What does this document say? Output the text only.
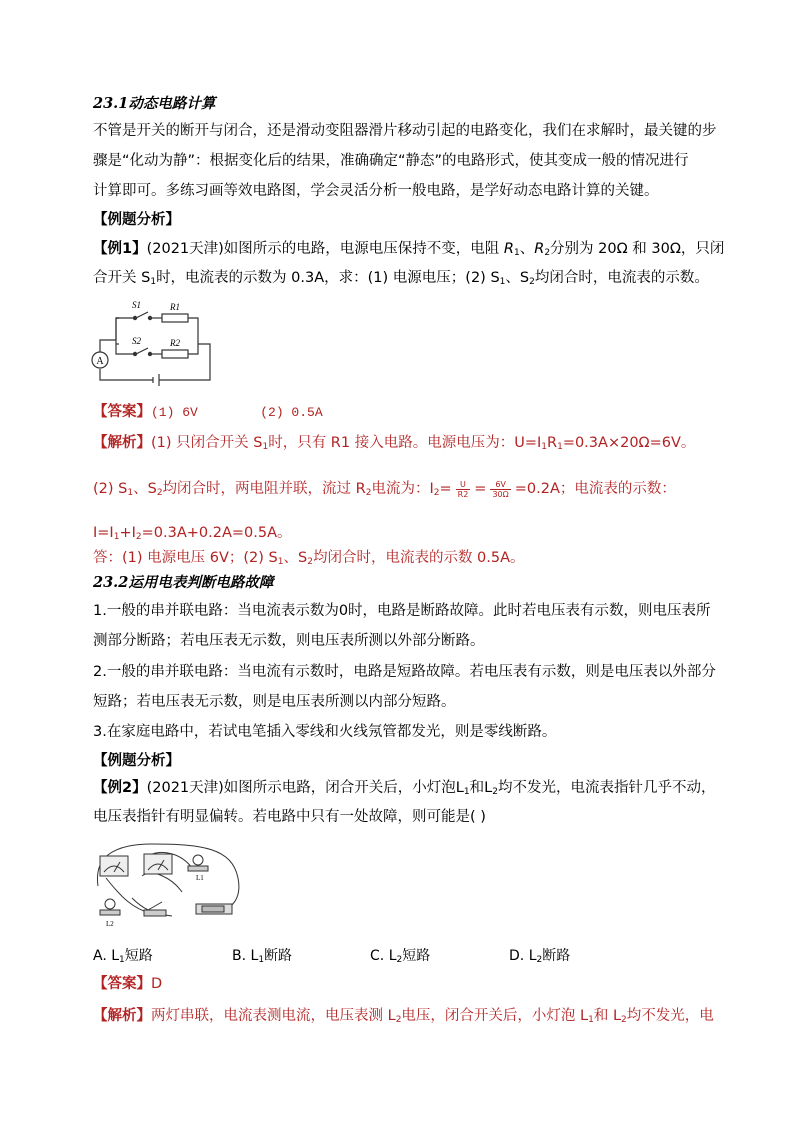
23.1动态电路计算
不管是开关的断开与闭合，还是滑动变阻器滑片移动引起的电路变化，我们在求解时，最关键的步
骤是“化动为静”：根据变化后的结果，准确确定“静态”的电路形式，使其变成一般的情况进行
计算即可。多练习画等效电路图，学会灵活分析一般电路，是学好动态电路计算的关键。
【例题分析】
【例1】(2021天津)如图所示的电路，电源电压保持不变，电阻 $R_1$、$R_2$分别为 20Ω 和 30Ω，只闭
合开关 $S_1$时，电流表的示数为 0.3A，求：(1) 电源电压；(2) $S_1$、$S_2$均闭合时，电流表的示数。
A
S1	R1
S2	R2
【答案】(1) 6V        (2) 0.5A
【解析】(1) 只闭合开关 $S_1$时，只有 R1 接入电路。电源电压为：$U=I_1R_1=0.3A\times 20\Omega=6V$。
(2) $S_1$、$S_2$均闭合时，两电阻并联，流过 $R_2$电流为：$I_2= \frac{U}{R2} = \frac{6V}{30\Omega} =0.2A$；电流表的示数：
$I=I_1+I_2=0.3A+0.2A=0.5A$。
答：(1) 电源电压 6V；(2) $S_1$、$S_2$均闭合时，电流表的示数 0.5A。
23.2运用电表判断电路故障
1.一般的串并联电路：当电流表示数为0时，电路是断路故障。此时若电压表有示数，则电压表所
测部分断路；若电压表无示数，则电压表所测以外部分断路。
2.一般的串并联电路：当电流有示数时，电路是短路故障。若电压表有示数，则是电压表以外部分
短路；若电压表无示数，则是电压表所测以内部分短路。
3.在家庭电路中，若试电笔插入零线和火线氖管都发光，则是零线断路。
【例题分析】
【例2】(2021天津)如图所示电路，闭合开关后，小灯泡$L_1$和$L_2$均不发光，电流表指针几乎不动，
电压表指针有明显偏转。若电路中只有一处故障，则可能是( )
L1
L2
A. $L_1$短路	B. $L_1$断路	C. $L_2$短路	D. $L_2$断路
【答案】D
【解析】两灯串联，电流表测电流，电压表测 $L_2$电压，闭合开关后，小灯泡 $L_1$和 $L_2$均不发光，电
